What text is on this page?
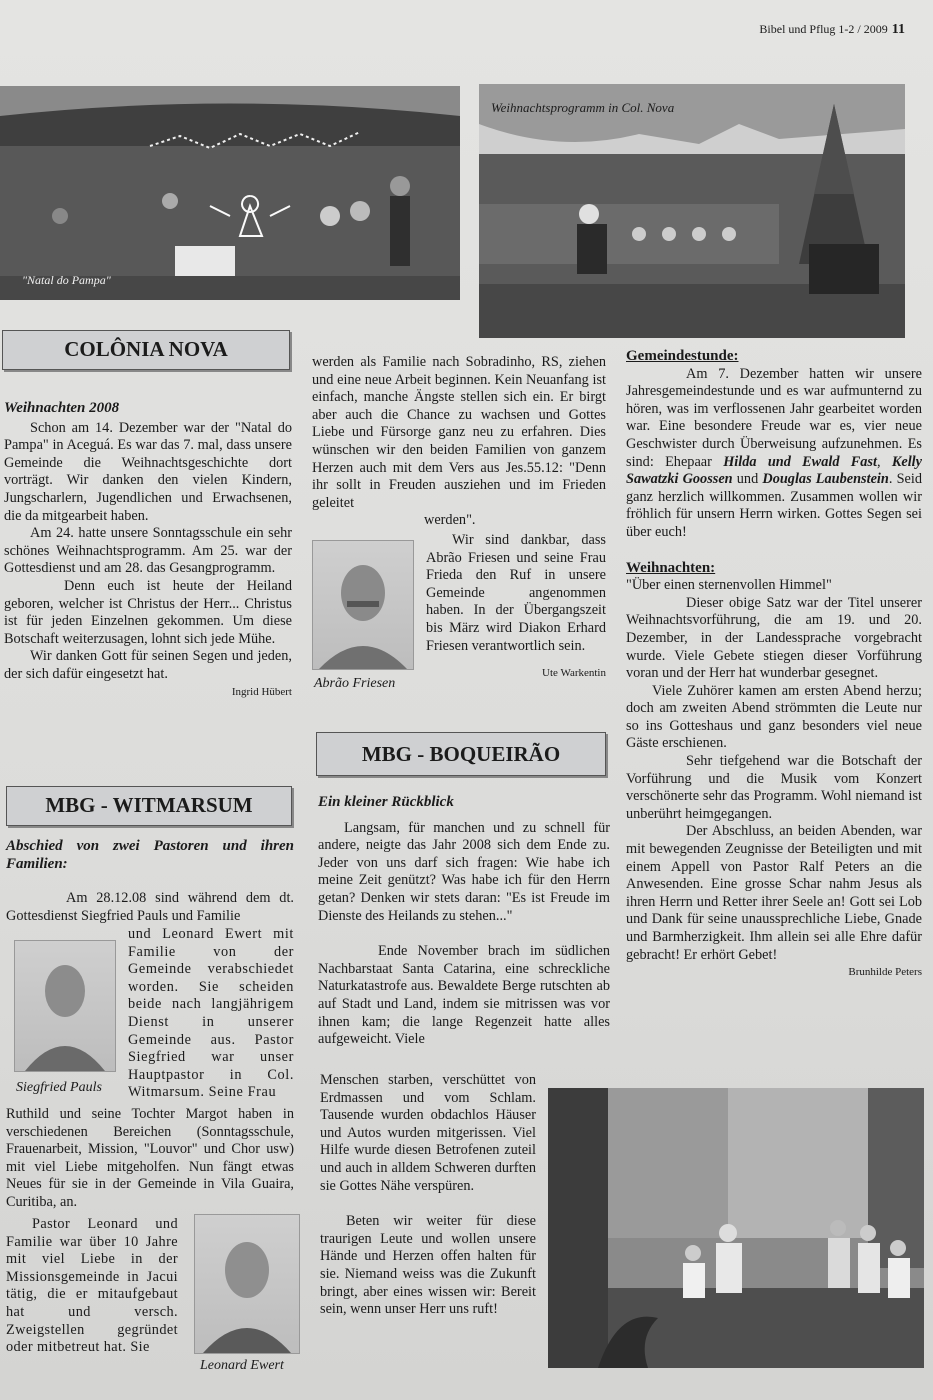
Bibel und Pflug 1-2 / 2009 11
"Natal do Pampa"
Weihnachtsprogramm in Col. Nova
COLÔNIA NOVA

Weihnachten 2008

Schon am 14. Dezember war der "Natal do Pampa" in Aceguá. Es war das 7. mal, dass unsere Gemeinde die Weihnachtsgeschichte dort vorträgt. Wir danken den vielen Kindern, Jungscharlern, Jugendlichen und Erwachsenen, die da mitgearbeit haben.

Am 24. hatte unsere Sonntagsschule ein sehr schönes Weihnachtsprogramm. Am 25. war der Gottesdienst und am 28. das Gesangprogramm.

Denn euch ist heute der Heiland geboren, welcher ist Christus der Herr... Christus ist für jeden Einzelnen gekommen. Um diese Botschaft weiterzusagen, lohnt sich jede Mühe.

Wir danken Gott für seinen Segen und jeden, der sich dafür eingesetzt hat.

Ingrid Hübert

MBG - WITMARSUM

Abschied von zwei Pastoren und ihren Familien:

Am 28.12.08 sind während dem dt. Gottesdienst Siegfried Pauls und Familie

Siegfried Pauls

und Leonard Ewert mit Familie von der Gemeinde verabschiedet worden. Sie scheiden beide nach langjährigem Dienst in unserer Gemeinde aus. Pastor Siegfried war unser Hauptpastor in Col. Witmarsum. Seine Frau

Ruthild und seine Tochter Margot haben in verschiedenen Bereichen (Sonntagsschule, Frauenarbeit, Mission, "Louvor" und Chor usw) mit viel Liebe mitgeholfen. Nun fängt etwas Neues für sie in der Gemeinde in Vila Guaira, Curitiba, an.

Pastor Leonard und Familie war über 10 Jahre mit viel Liebe in der Missionsgemeinde in Jacui tätig, die er mitaufgebaut hat und versch. Zweigstellen gegründet oder mitbetreut hat. Sie

Leonard Ewert

werden als Familie nach Sobradinho, RS, ziehen und eine neue Arbeit beginnen. Kein Neuanfang ist einfach, manche Ängste stellen sich ein. Er birgt aber auch die Chance zu wachsen und Gottes Liebe und Fürsorge ganz neu zu erfahren. Dies wünschen wir den beiden Familien von ganzem Herzen auch mit dem Vers aus Jes.55.12: "Denn ihr sollt in Freuden ausziehen und im Frieden geleitet

werden".

Abrão Friesen

Wir sind dankbar, dass Abrão Friesen und seine Frau Frieda den Ruf in unsere Gemeinde angenommen haben. In der Übergangszeit bis März wird Diakon Erhard Friesen verantwortlich sein.

Ute Warkentin

MBG - BOQUEIRÃO

Ein kleiner Rückblick

Langsam, für manchen und zu schnell für andere, neigte das Jahr 2008 sich dem Ende zu. Jeder von uns darf sich fragen: Wie habe ich meine Zeit genützt? Was habe ich für den Herrn getan? Denken wir stets daran: "Es ist Freude im Dienste des Heilands zu stehen..."

Ende November brach im südlichen Nachbarstaat Santa Catarina, eine schreckliche Naturkatastrofe aus. Bewaldete Berge rutschten ab auf Stadt und Land, indem sie mitrissen was vor ihnen kam; die lange Regenzeit hatte alles aufgeweicht. Viele

Menschen starben, verschüttet von Erdmassen und vom Schlam. Tausende wurden obdachlos Häuser und Autos wurden mitgerissen. Viel Hilfe wurde diesen Betrofenen zuteil und auch in alldem Schweren durften sie Gottes Nähe verspüren.

Beten wir weiter für diese traurigen Leute und wollen unsere Hände und Herzen offen halten für sie. Niemand weiss was die Zukunft bringt, aber eines wissen wir: Bereit sein, wenn unser Herr uns ruft!

Gemeindestunde:

Am 7. Dezember hatten wir unsere Jahresgemeindestunde und es war aufmunternd zu hören, was im verflossenen Jahr gearbeitet worden war. Eine besondere Freude war es, vier neue Geschwister durch Überweisung aufzunehmen. Es sind: Ehepaar Hilda und Ewald Fast, Kelly Sawatzki Goossen und Douglas Laubenstein. Seid ganz herzlich willkommen. Zusammen wollen wir fröhlich für unsern Herrn wirken. Gottes Segen sei über euch!

Weihnachten:

"Über einen sternenvollen Himmel"

Dieser obige Satz war der Titel unserer Weihnachtsvorführung, die am 19. und 20. Dezember, in der Landessprache vorgebracht wurde. Viele Gebete stiegen dieser Vorführung voran und der Herr hat wunderbar gesegnet.

Viele Zuhörer kamen am ersten Abend herzu; doch am zweiten Abend strömmten die Leute nur so ins Gotteshaus und ganz besonders viel neue Gäste erschienen.

Sehr tiefgehend war die Botschaft der Vorführung und die Musik vom Konzert verschönerte sehr das Programm. Wohl niemand ist unberührt heimgegangen.

Der Abschluss, an beiden Abenden, war mit bewegenden Zeugnisse der Beteiligten und mit einem Appell von Pastor Ralf Peters an die Anwesenden. Eine grosse Schar nahm Jesus als ihren Herrn und Retter ihrer Seele an! Gott sei Lob und Dank für seine unaussprechliche Liebe, Gnade und Barmherzigkeit. Ihm allein sei alle Ehre dafür gebracht! Er erhört Gebet!

Brunhilde Peters
